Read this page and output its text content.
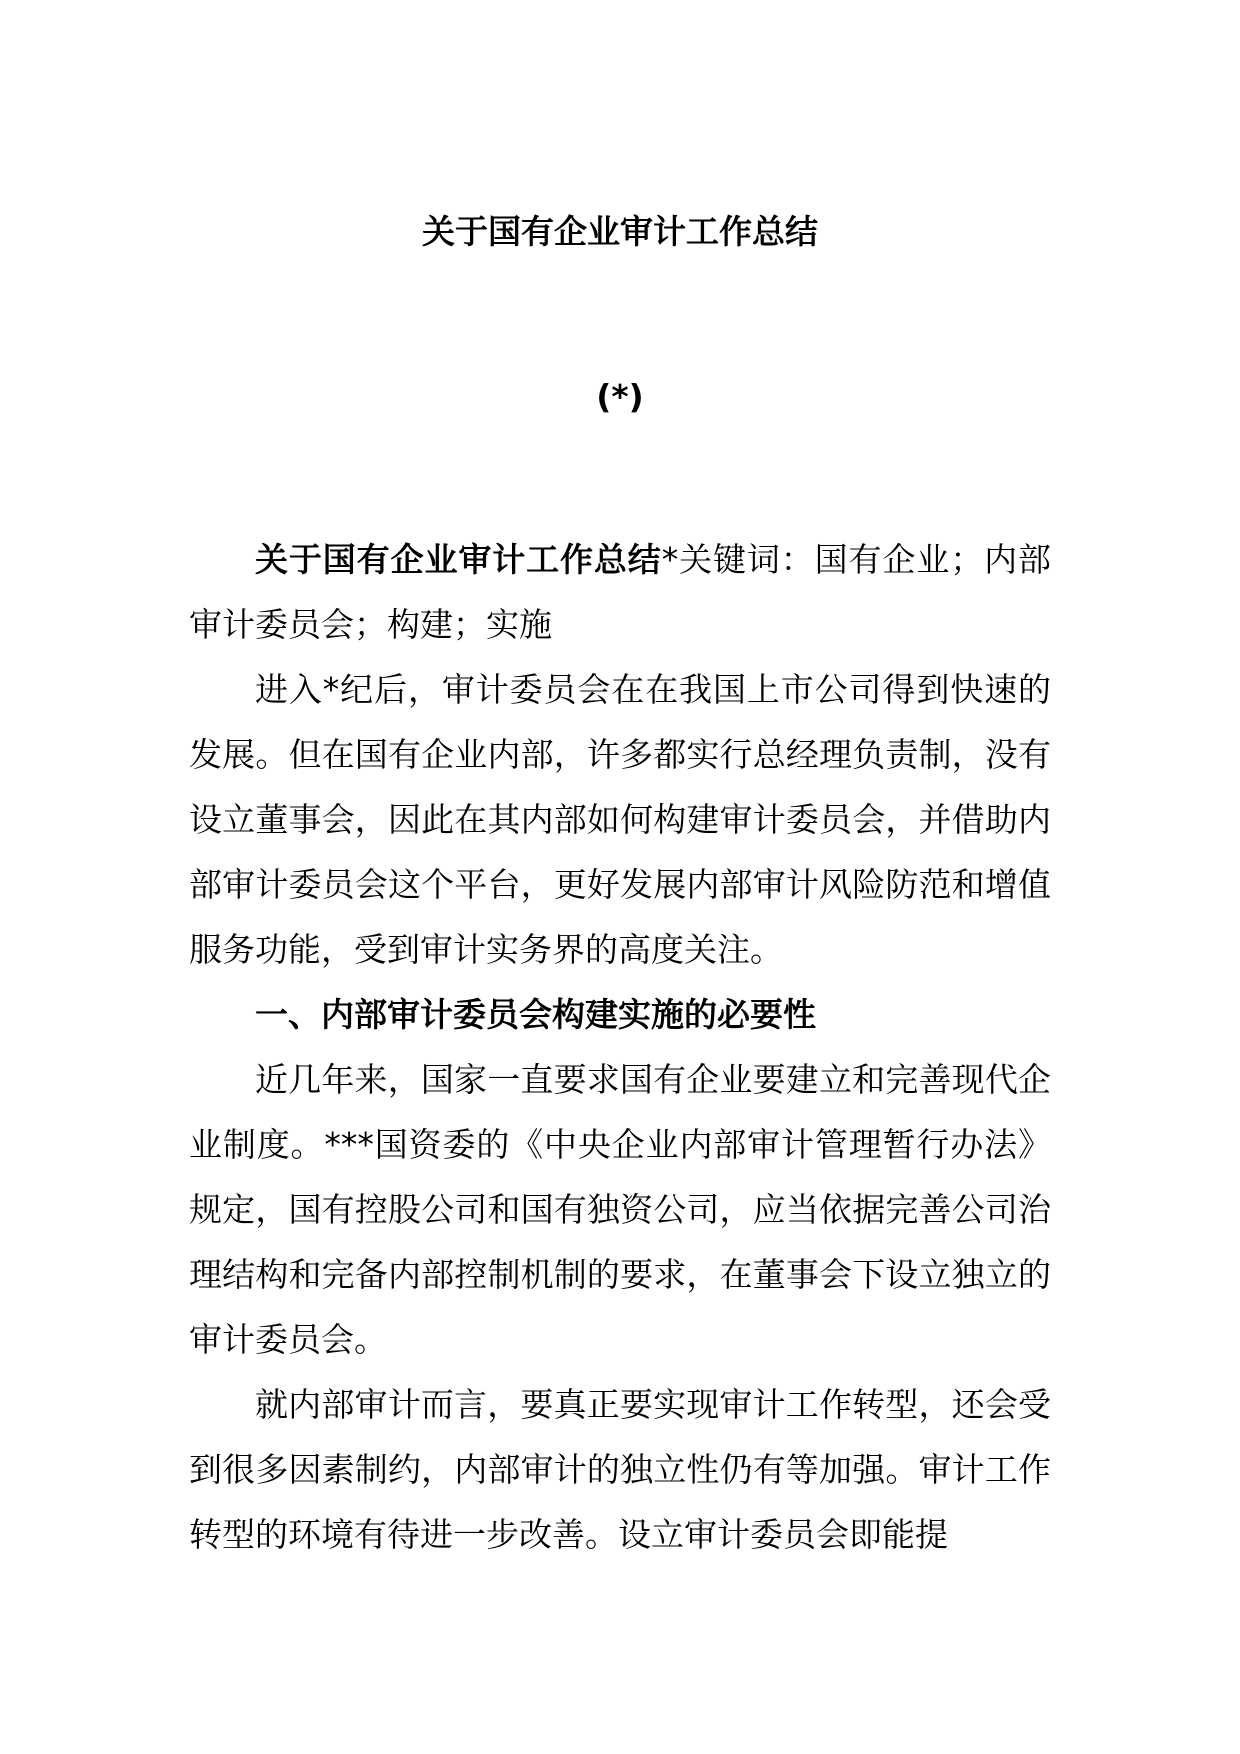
关于国有企业审计工作总结
(*)

关于国有企业审计工作总结*关键词：国有企业；内部审计委员会；构建；实施

进入*纪后，审计委员会在在我国上市公司得到快速的发展。但在国有企业内部，许多都实行总经理负责制，没有设立董事会，因此在其内部如何构建审计委员会，并借助内部审计委员会这个平台，更好发展内部审计风险防范和增值服务功能，受到审计实务界的高度关注。

一、内部审计委员会构建实施的必要性

近几年来，国家一直要求国有企业要建立和完善现代企业制度。***国资委的《中央企业内部审计管理暂行办法》规定，国有控股公司和国有独资公司，应当依据完善公司治理结构和完备内部控制机制的要求，在董事会下设立独立的审计委员会。

就内部审计而言，要真正要实现审计工作转型，还会受到很多因素制约，内部审计的独立性仍有等加强。审计工作转型的环境有待进一步改善。设立审计委员会即能提
